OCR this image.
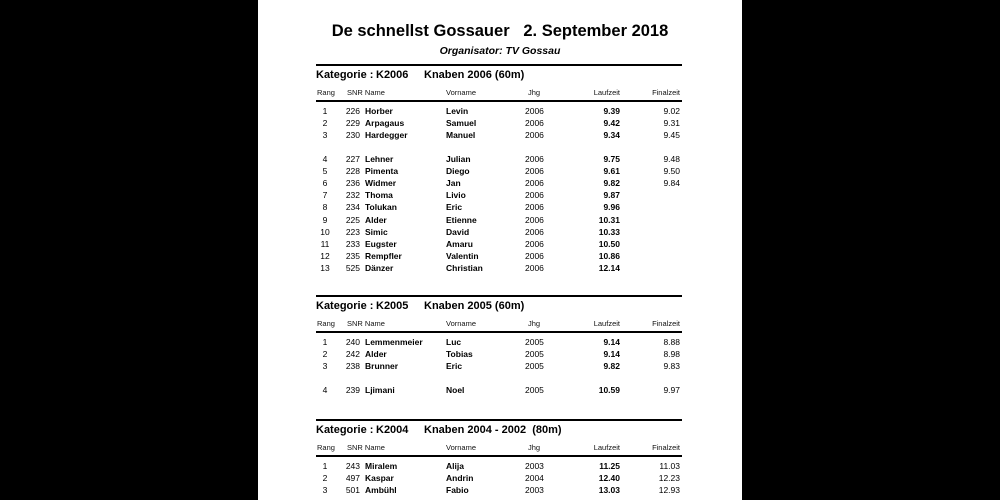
De schnellst Gossauer   2. September 2018
Organisator: TV Gossau
Kategorie : K2006 Knaben 2006 (60m)
Rang SNR Name	Vorname	Jhg	Laufzeit	Finalzeit
1	226 Horber	Levin	2006	9.39	9.02
2	229 Arpagaus	Samuel	2006	9.42	9.31
3	230 Hardegger	Manuel	2006	9.34	9.45
4	227 Lehner	Julian	2006	9.75	9.48
5	228 Pimenta	Diego	2006	9.61	9.50
6	236 Widmer	Jan	2006	9.82	9.84
7	232 Thoma	Livio	2006	9.87
8	234 Tolukan	Eric	2006	9.96
9	225 Alder	Etienne	2006	10.31
10	223 Simic	David	2006	10.33
11	233 Eugster	Amaru	2006	10.50
12	235 Rempfler	Valentin	2006	10.86
13	525 Dänzer	Christian	2006	12.14
Kategorie : K2005 Knaben 2005 (60m)
Rang SNR Name	Vorname	Jhg	Laufzeit	Finalzeit
1	240 Lemmenmeier	Luc	2005	9.14	8.88
2	242 Alder	Tobias	2005	9.14	8.98
3	238 Brunner	Eric	2005	9.82	9.83
4	239 Ljimani	Noel	2005	10.59	9.97
Kategorie : K2004 Knaben 2004 - 2002  (80m)
Rang SNR Name	Vorname	Jhg	Laufzeit	Finalzeit
1	243 Miralem	Alija	2003	11.25	11.03
2	497 Kaspar	Andrin	2004	12.40	12.23
3	501 Ambühl	Fabio	2003	13.03	12.93
